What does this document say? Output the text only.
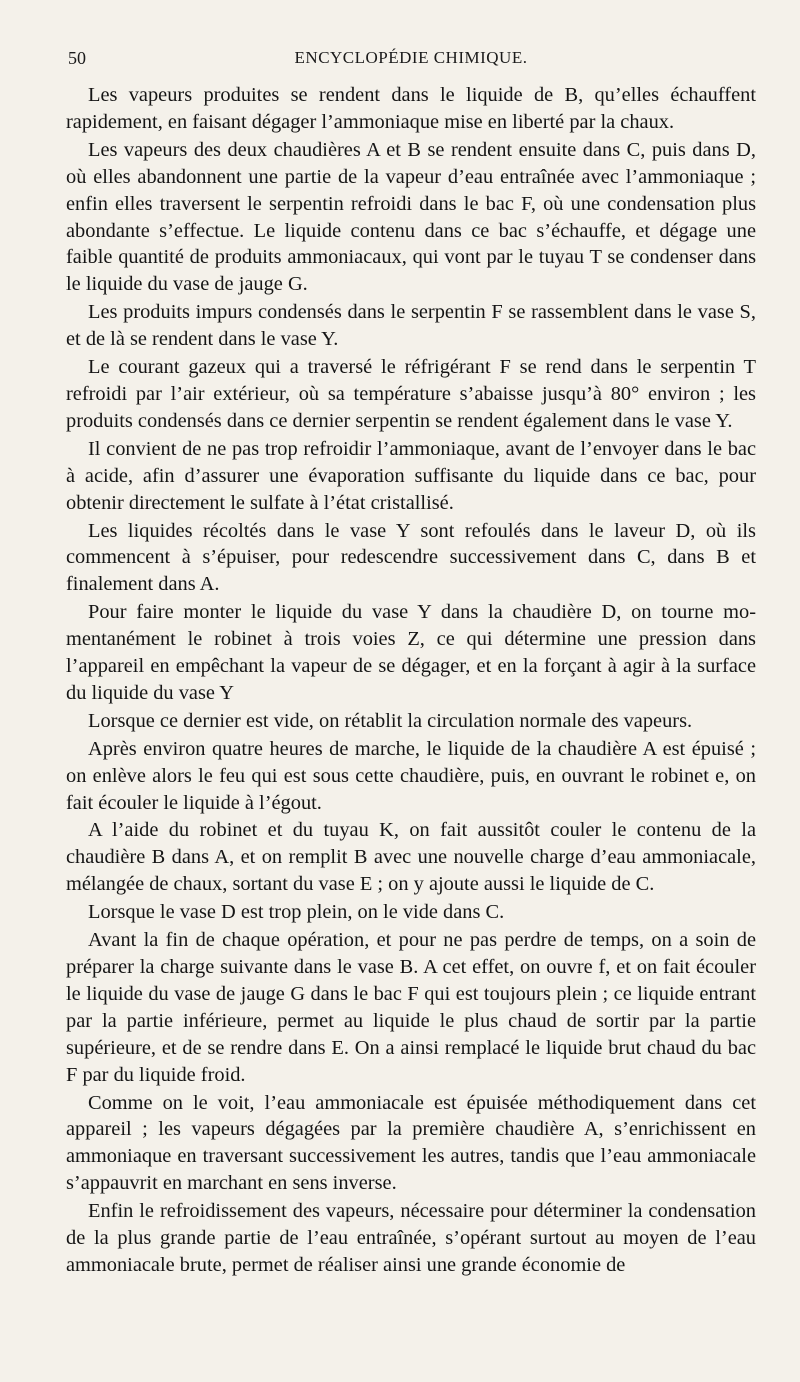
50	ENCYCLOPÉDIE CHIMIQUE.

Les vapeurs produites se rendent dans le liquide de B, qu’elles échauffent rapidement, en faisant dégager l’ammoniaque mise en liberté par la chaux.

Les vapeurs des deux chaudières A et B se rendent ensuite dans C, puis dans D, où elles abandonnent une partie de la vapeur d’eau entraînée avec l’ammoniaque ; enfin elles traversent le serpentin refroidi dans le bac F, où une condensation plus abondante s’effectue. Le liquide contenu dans ce bac s’échauffe, et dégage une faible quantité de produits ammoniacaux, qui vont par le tuyau T se condenser dans le liquide du vase de jauge G.

Les produits impurs condensés dans le serpentin F se rassemblent dans le vase S, et de là se rendent dans le vase Y.

Le courant gazeux qui a traversé le réfrigérant F se rend dans le serpentin T refroidi par l’air extérieur, où sa température s’abaisse jusqu’à 80° environ ; les produits condensés dans ce dernier serpentin se rendent également dans le vase Y.

Il convient de ne pas trop refroidir l’ammoniaque, avant de l’envoyer dans le bac à acide, afin d’assurer une évaporation suffisante du liquide dans ce bac, pour obtenir directement le sulfate à l’état cristallisé.

Les liquides récoltés dans le vase Y sont refoulés dans le laveur D, où ils commencent à s’épuiser, pour redescendre successivement dans C, dans B et finalement dans A.

Pour faire monter le liquide du vase Y dans la chaudière D, on tourne momentanément le robinet à trois voies Z, ce qui détermine une pression dans l’appareil en empêchant la vapeur de se dégager, et en la forçant à agir à la surface du liquide du vase Y

Lorsque ce dernier est vide, on rétablit la circulation normale des vapeurs.

Après environ quatre heures de marche, le liquide de la chaudière A est épuisé ; on enlève alors le feu qui est sous cette chaudière, puis, en ouvrant le robinet e, on fait écouler le liquide à l’égout.

A l’aide du robinet et du tuyau K, on fait aussitôt couler le contenu de la chaudière B dans A, et on remplit B avec une nouvelle charge d’eau ammoniacale, mélangée de chaux, sortant du vase E ; on y ajoute aussi le liquide de C.

Lorsque le vase D est trop plein, on le vide dans C.

Avant la fin de chaque opération, et pour ne pas perdre de temps, on a soin de préparer la charge suivante dans le vase B. A cet effet, on ouvre f, et on fait écouler le liquide du vase de jauge G dans le bac F qui est toujours plein ; ce liquide entrant par la partie inférieure, permet au liquide le plus chaud de sortir par la partie supérieure, et de se rendre dans E. On a ainsi remplacé le liquide brut chaud du bac F par du liquide froid.

Comme on le voit, l’eau ammoniacale est épuisée méthodiquement dans cet appareil ; les vapeurs dégagées par la première chaudière A, s’enrichissent en ammoniaque en traversant successivement les autres, tandis que l’eau ammoniacale s’appauvrit en marchant en sens inverse.

Enfin le refroidissement des vapeurs, nécessaire pour déterminer la condensation de la plus grande partie de l’eau entraînée, s’opérant surtout au moyen de l’eau ammoniacale brute, permet de réaliser ainsi une grande économie de
